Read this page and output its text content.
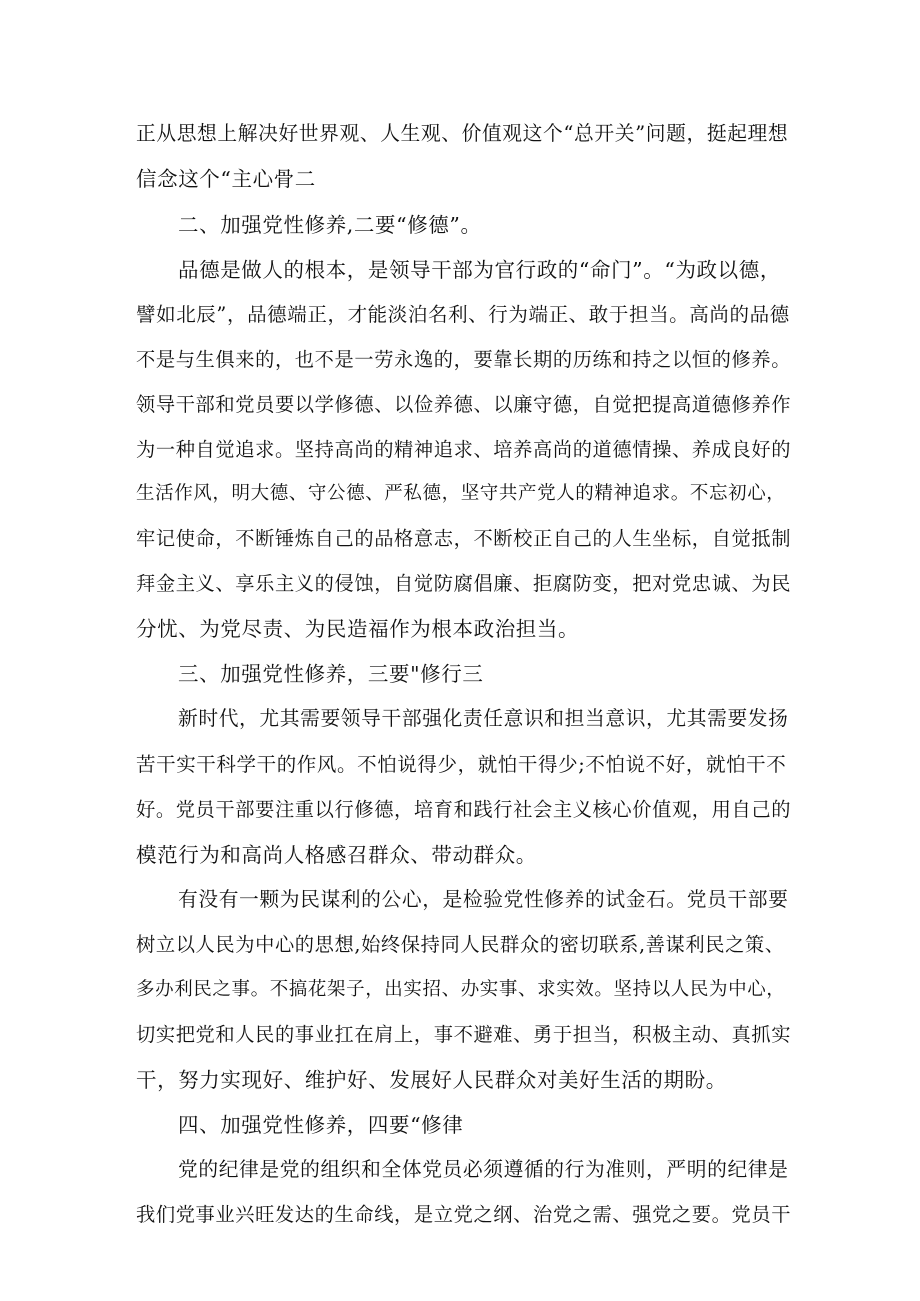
正从思想上解决好世界观、人生观、价值观这个“总开关”问题，挺起理想
信念这个“主心骨二
二、加强党性修养,二要“修德”。
品德是做人的根本，是领导干部为官行政的“命门”。“为政以德，
譬如北辰”，品德端正，才能淡泊名利、行为端正、敢于担当。高尚的品德
不是与生俱来的，也不是一劳永逸的，要靠长期的历练和持之以恒的修养。
领导干部和党员要以学修德、以俭养德、以廉守德，自觉把提高道德修养作
为一种自觉追求。坚持高尚的精神追求、培养高尚的道德情操、养成良好的
生活作风，明大德、守公德、严私德，坚守共产党人的精神追求。不忘初心，
牢记使命，不断锤炼自己的品格意志，不断校正自己的人生坐标，自觉抵制
拜金主义、享乐主义的侵蚀，自觉防腐倡廉、拒腐防变，把对党忠诚、为民
分忧、为党尽责、为民造福作为根本政治担当。
三、加强党性修养，三要"修行三
新时代，尤其需要领导干部强化责任意识和担当意识，尤其需要发扬
苦干实干科学干的作风。不怕说得少，就怕干得少;不怕说不好，就怕干不
好。党员干部要注重以行修德，培育和践行社会主义核心价值观，用自己的
模范行为和高尚人格感召群众、带动群众。
有没有一颗为民谋利的公心，是检验党性修养的试金石。党员干部要
树立以人民为中心的思想,始终保持同人民群众的密切联系,善谋利民之策、
多办利民之事。不搞花架子，出实招、办实事、求实效。坚持以人民为中心，
切实把党和人民的事业扛在肩上，事不避难、勇于担当，积极主动、真抓实
干，努力实现好、维护好、发展好人民群众对美好生活的期盼。
四、加强党性修养，四要“修律
党的纪律是党的组织和全体党员必须遵循的行为准则，严明的纪律是
我们党事业兴旺发达的生命线，是立党之纲、治党之需、强党之要。党员干
